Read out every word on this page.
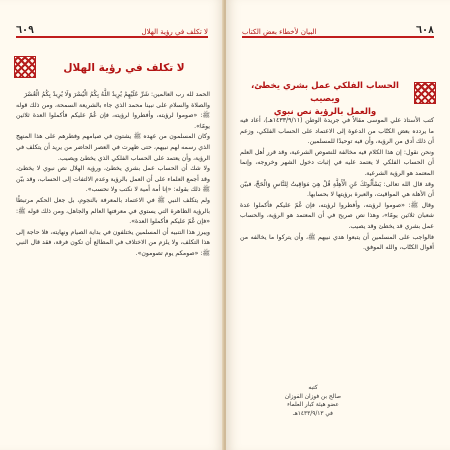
لا تكلف في رؤية الهلال
٦٠٩
لا تكلف في رؤية الهلال

الحمد لله رب العالمين: شَرِّ عَلَيْهِمْ يُرِيدُ اللَّهُ بِكُمُ الْيُسْرَ وَلَا يُرِيدُ بِكُمُ الْعُسْرَ

والصلاة والسلام على نبينا محمد الذي جاء بالشريعة السمحة، ومن ذلك قوله ﷺ: «صوموا لرؤيته، وأفطروا لرؤيته، فإن غُمّ عليكم فأكملوا العدة ثلاثين يومًا».

وكان المسلمون من عهده ﷺ يشتون في صيامهم وفطرهم على هذا المنهج الذي رسمه لهم نبيهم، حتى ظهرت في العصر الحاضر من يريد أن يتكلف في الرؤية، وأن يعتمد على الحساب الفلكي الذي يخطئ ويصيب.

ولا شك أن الحساب عمل بشري يخطئ، ورؤية الهلال نص نبوي لا يخطئ، وقد أجمع العلماء على أن العمل بالرؤية وعدم الالتفات إلى الحساب، وقد بيّن ﷺ ذلك بقوله: «إنا أمة أمية لا نكتب ولا نحسب».

ولم يتكلف النبي ﷺ في الاعتماد بالمعرفة بالنجوم، بل جعل الحكم مرتبطًا بالرؤية الظاهرة التي يستوي في معرفتها العالم والجاهل، ومن ذلك قوله ﷺ: «فإن غُمّ عليكم فأكملوا العدة».

ويبرز هذا التنبيه أن المسلمين يختلفون في بداية الصيام ونهايته، فلا حاجة إلى هذا التكلف، ولا يلزم من الاختلاف في المطالع أن تكون فرقة، فقد قال النبي ﷺ: «صومكم يوم تصومون».

٦٠٨
البيان لأخطاء بعض الكتاب
الحساب الفلكي عمل بشري يخطئ، ويصيب
والعمل بالرؤية نص نبوي

كتب الأستاذ علي الموسى مقالاً في جريدة الوطن (١٤٣٣/٩/١١هـ)، أعاد فيه ما يردده بعض الكتّاب من الدعوة إلى الاعتماد على الحساب الفلكي، وزعم أن ذلك أدق من الرؤية، وأن فيه توحيدًا للمسلمين.

ونحن نقول: إن هذا الكلام فيه مخالفة للنصوص الشرعية، وقد قرر أهل العلم أن الحساب الفلكي لا يعتمد عليه في إثبات دخول الشهر وخروجه، وإنما المعتمد هو الرؤية الشرعية.

وقد قال الله تعالى: يَسْأَلُونَكَ عَنِ الْأَهِلَّةِ قُلْ هِيَ مَوَاقِيتُ لِلنَّاسِ وَالْحَجِّ، فبيّن أن الأهلة هي المواقيت، والعبرة برؤيتها لا بحسابها.

وقال ﷺ: «صوموا لرؤيته، وأفطروا لرؤيته، فإن غُمّ عليكم فأكملوا عدة شعبان ثلاثين يومًا»، وهذا نص صريح في أن المعتمد هو الرؤية، والحساب عمل بشري قد يخطئ وقد يصيب.

فالواجب على المسلمين أن يتبعوا هدي نبيهم ﷺ، وأن يتركوا ما يخالفه من أقوال الكتّاب، والله الموفق.

كتبه
صالح بن فوزان الفوزان
عضو هيئة كبار العلماء
في ١٤٣٣/٩/١٣هـ
